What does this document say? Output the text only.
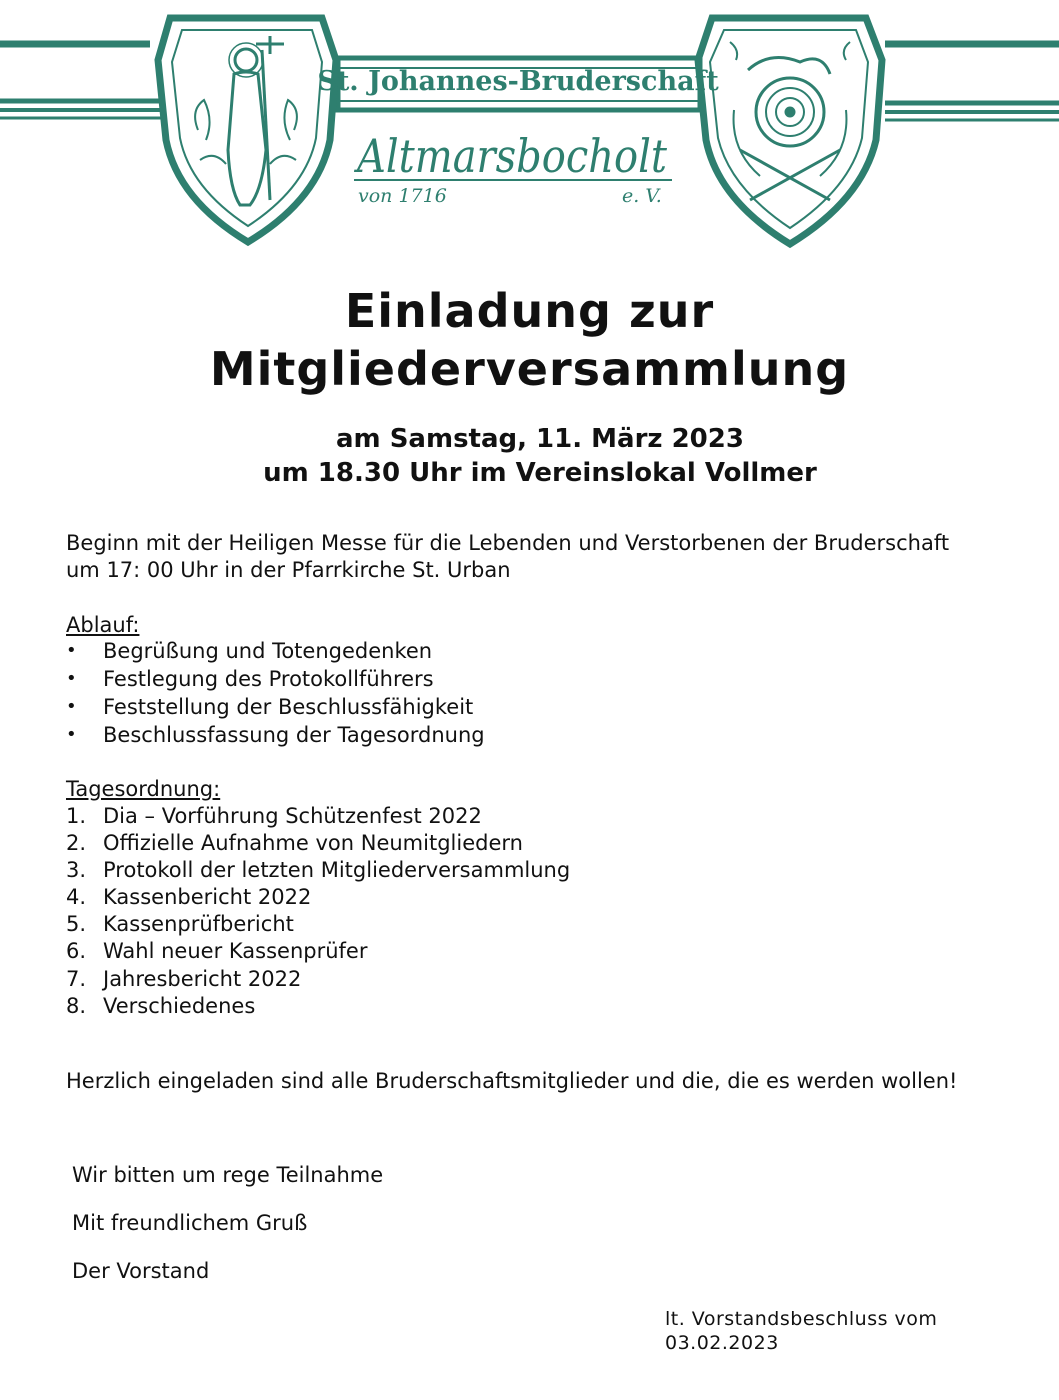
St. Johannes-Bruderschaft
Altmarsbocholt
von 1716	e. V.
Einladung zur
Mitgliederversammlung
am Samstag, 11. März 2023
um 18.30 Uhr im Vereinslokal Vollmer
Beginn mit der Heiligen Messe für die Lebenden und Verstorbenen der Bruderschaft
um 17: 00 Uhr in der Pfarrkirche St. Urban
Ablauf:
• Begrüßung und Totengedenken
• Festlegung des Protokollführers
• Feststellung der Beschlussfähigkeit
• Beschlussfassung der Tagesordnung
Tagesordnung:
1. Dia – Vorführung Schützenfest 2022
2. Offizielle Aufnahme von Neumitgliedern
3. Protokoll der letzten Mitgliederversammlung
4. Kassenbericht 2022
5. Kassenprüfbericht
6. Wahl neuer Kassenprüfer
7. Jahresbericht 2022
8. Verschiedenes
Herzlich eingeladen sind alle Bruderschaftsmitglieder und die, die es werden wollen!
Wir bitten um rege Teilnahme
Mit freundlichem Gruß
Der Vorstand
lt. Vorstandsbeschluss vom
03.02.2023
